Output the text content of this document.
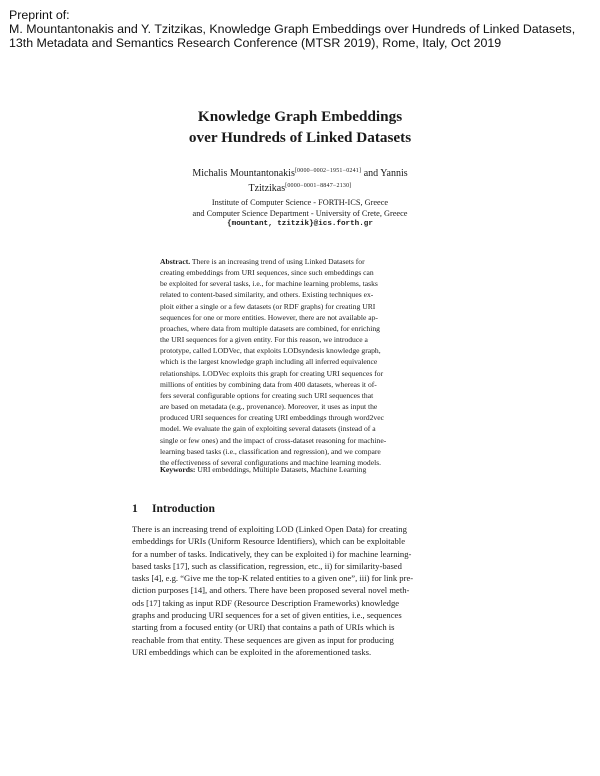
Preprint of:
M. Mountantonakis and Y. Tzitzikas, Knowledge Graph Embeddings over Hundreds of Linked Datasets,
13th Metadata and Semantics Research Conference (MTSR 2019), Rome, Italy, Oct 2019
Knowledge Graph Embeddings
over Hundreds of Linked Datasets
Michalis Mountantonakis[0000−0002−1951−0241] and Yannis
Tzitzikas[0000−0001−8847−2130]
Institute of Computer Science - FORTH-ICS, Greece
and Computer Science Department - University of Crete, Greece
{mountant, tzitzik}@ics.forth.gr
Abstract. There is an increasing trend of using Linked Datasets for
creating embeddings from URI sequences, since such embeddings can
be exploited for several tasks, i.e., for machine learning problems, tasks
related to content-based similarity, and others. Existing techniques ex-
ploit either a single or a few datasets (or RDF graphs) for creating URI
sequences for one or more entities. However, there are not available ap-
proaches, where data from multiple datasets are combined, for enriching
the URI sequences for a given entity. For this reason, we introduce a
prototype, called LODVec, that exploits LODsyndesis knowledge graph,
which is the largest knowledge graph including all inferred equivalence
relationships. LODVec exploits this graph for creating URI sequences for
millions of entities by combining data from 400 datasets, whereas it of-
fers several configurable options for creating such URI sequences that
are based on metadata (e.g., provenance). Moreover, it uses as input the
produced URI sequences for creating URI embeddings through word2vec
model. We evaluate the gain of exploiting several datasets (instead of a
single or few ones) and the impact of cross-dataset reasoning for machine-
learning based tasks (i.e., classification and regression), and we compare
the effectiveness of several configurations and machine learning models.
Keywords: URI embeddings, Multiple Datasets, Machine Learning
1 Introduction
There is an increasing trend of exploiting LOD (Linked Open Data) for creating
embeddings for URIs (Uniform Resource Identifiers), which can be exploitable
for a number of tasks. Indicatively, they can be exploited i) for machine learning-
based tasks [17], such as classification, regression, etc., ii) for similarity-based
tasks [4], e.g. “Give me the top-K related entities to a given one”, iii) for link pre-
diction purposes [14], and others. There have been proposed several novel meth-
ods [17] taking as input RDF (Resource Description Frameworks) knowledge
graphs and producing URI sequences for a set of given entities, i.e., sequences
starting from a focused entity (or URI) that contains a path of URIs which is
reachable from that entity. These sequences are given as input for producing
URI embeddings which can be exploited in the aforementioned tasks.
